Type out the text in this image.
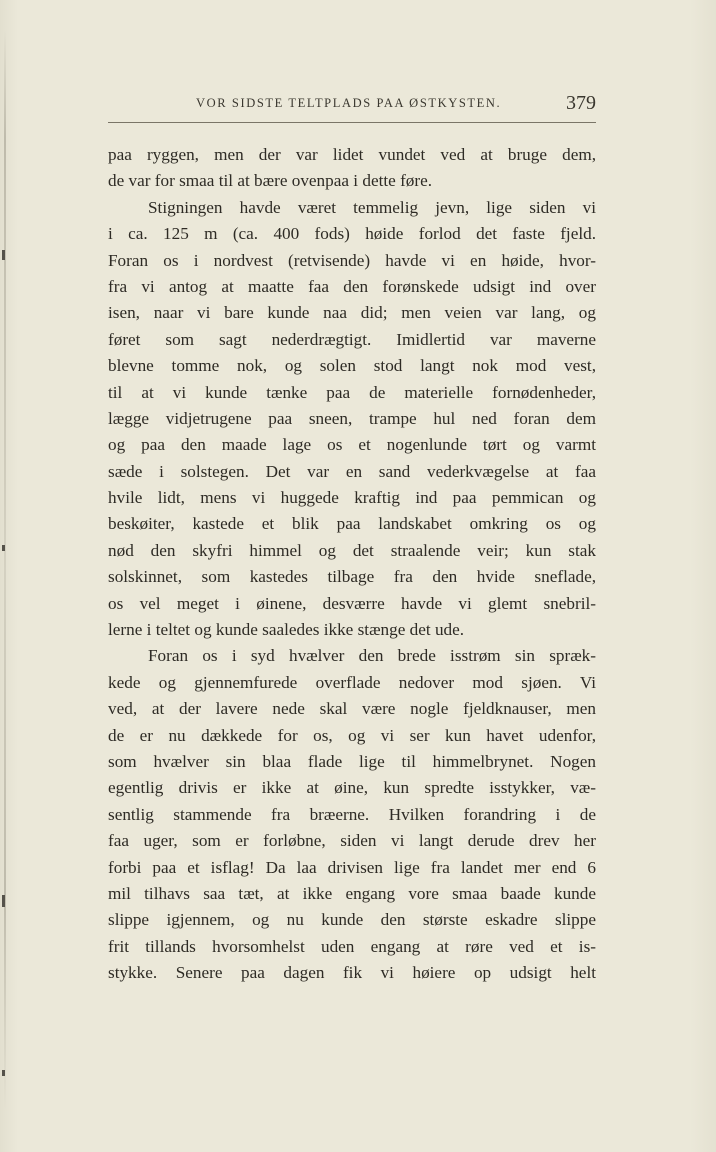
VOR SIDSTE TELTPLADS PAA ØSTKYSTEN.	379
paa ryggen, men der var lidet vundet ved at bruge dem,
de var for smaa til at bære ovenpaa i dette føre.
Stigningen havde været temmelig jevn, lige siden vi
i ca. 125 m (ca. 400 fods) høide forlod det faste fjeld.
Foran os i nordvest (retvisende) havde vi en høide, hvor-
fra vi antog at maatte faa den forønskede udsigt ind over
isen, naar vi bare kunde naa did; men veien var lang, og
føret som sagt nederdrægtigt. Imidlertid var maverne
blevne tomme nok, og solen stod langt nok mod vest,
til at vi kunde tænke paa de materielle fornødenheder,
lægge vidjetrugene paa sneen, trampe hul ned foran dem
og paa den maade lage os et nogenlunde tørt og varmt
sæde i solstegen. Det var en sand vederkvægelse at faa
hvile lidt, mens vi huggede kraftig ind paa pemmican og
beskøiter, kastede et blik paa landskabet omkring os og
nød den skyfri himmel og det straalende veir; kun stak
solskinnet, som kastedes tilbage fra den hvide sneflade,
os vel meget i øinene, desværre havde vi glemt snebril-
lerne i teltet og kunde saaledes ikke stænge det ude.
Foran os i syd hvælver den brede isstrøm sin spræk-
kede og gjennemfurede overflade nedover mod sjøen. Vi
ved, at der lavere nede skal være nogle fjeldknauser, men
de er nu dækkede for os, og vi ser kun havet udenfor,
som hvælver sin blaa flade lige til himmelbrynet. Nogen
egentlig drivis er ikke at øine, kun spredte isstykker, væ-
sentlig stammende fra bræerne. Hvilken forandring i de
faa uger, som er forløbne, siden vi langt derude drev her
forbi paa et isflag! Da laa drivisen lige fra landet mer end 6
mil tilhavs saa tæt, at ikke engang vore smaa baade kunde
slippe igjennem, og nu kunde den største eskadre slippe
frit tillands hvorsomhelst uden engang at røre ved et is-
stykke. Senere paa dagen fik vi høiere op udsigt helt
